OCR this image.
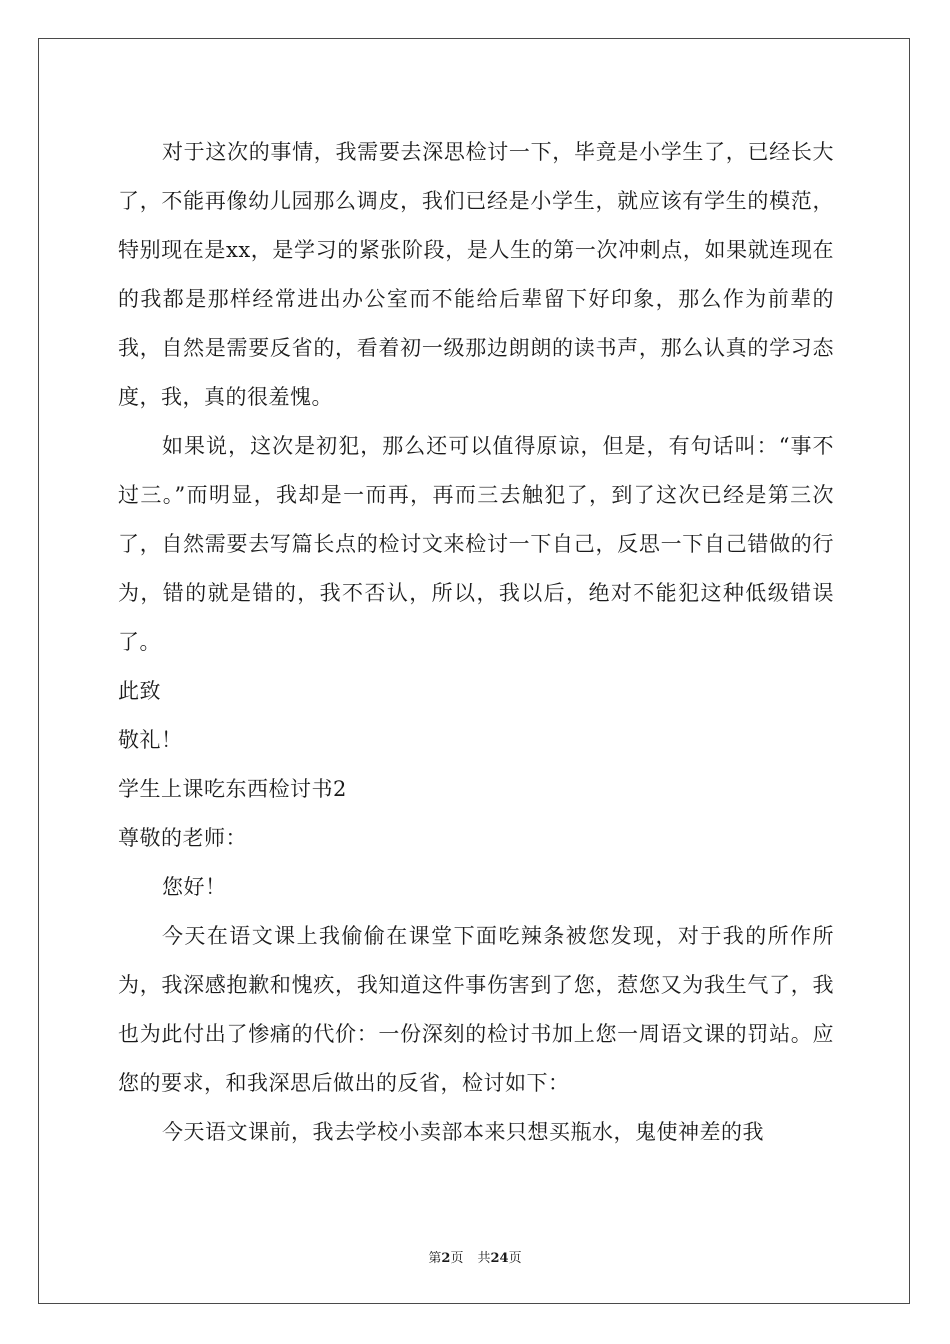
对于这次的事情，我需要去深思检讨一下，毕竟是小学生了，已经长大了，不能再像幼儿园那么调皮，我们已经是小学生，就应该有学生的模范，特别现在是xx，是学习的紧张阶段，是人生的第一次冲刺点，如果就连现在的我都是那样经常进出办公室而不能给后辈留下好印象，那么作为前辈的我，自然是需要反省的，看着初一级那边朗朗的读书声，那么认真的学习态度，我，真的很羞愧。

如果说，这次是初犯，那么还可以值得原谅，但是，有句话叫：“事不过三。”而明显，我却是一而再，再而三去触犯了，到了这次已经是第三次了，自然需要去写篇长点的检讨文来检讨一下自己，反思一下自己错做的行为，错的就是错的，我不否认，所以，我以后，绝对不能犯这种低级错误了。

此致

敬礼！

学生上课吃东西检讨书2

尊敬的老师：

您好！

今天在语文课上我偷偷在课堂下面吃辣条被您发现，对于我的所作所为，我深感抱歉和愧疚，我知道这件事伤害到了您，惹您又为我生气了，我也为此付出了惨痛的代价：一份深刻的检讨书加上您一周语文课的罚站。应您的要求，和我深思后做出的反省，检讨如下：

今天语文课前，我去学校小卖部本来只想买瓶水，鬼使神差的我

第2页 共24页
